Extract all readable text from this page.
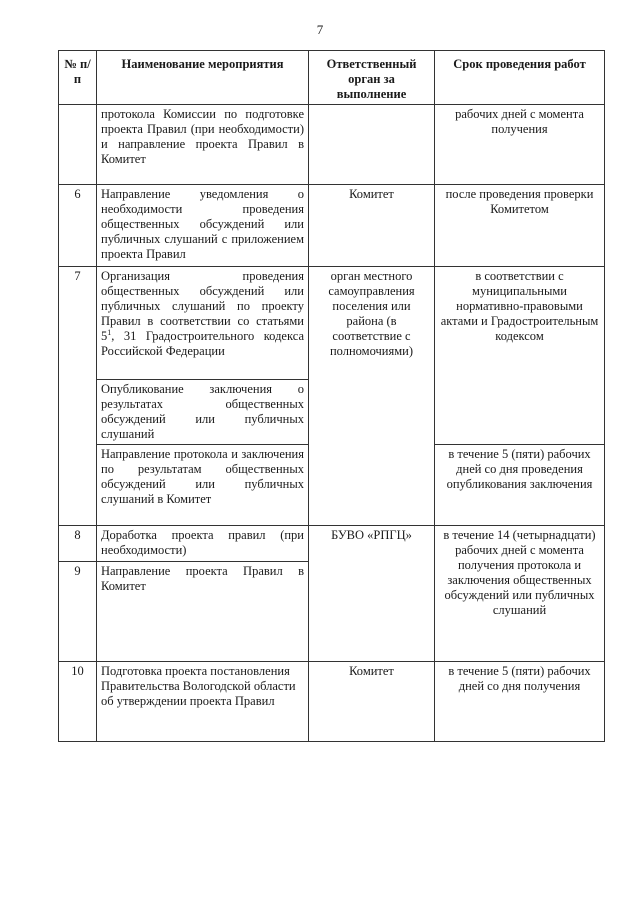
7
№ п/п	Наименование мероприятия	Ответственный орган за выполнение	Срок проведения работ
	протокола Комиссии по подготовке проекта Правил (при необходимости) и направление проекта Правил в Комитет		рабочих дней с момента получения
6	Направление уведомления о необходимости проведения общественных обсуждений или публичных слушаний с приложением проекта Правил	Комитет	после проведения проверки Комитетом
7	Организация проведения общественных обсуждений или публичных слушаний по проекту Правил в соответствии со статьями $5^1$, 31 Градостроительного кодекса Российской Федерации	орган местного самоуправления поселения или района (в соответствие с полномочиями)	в соответствии с муниципальными нормативно-правовыми актами и Градостроительным кодексом
	Опубликование заключения о результатах общественных обсуждений или публичных слушаний		
	Направление протокола и заключения по результатам общественных обсуждений или публичных слушаний в Комитет		в течение 5 (пяти) рабочих дней со дня проведения опубликования заключения
8	Доработка проекта правил (при необходимости)	БУВО «РПГЦ»	в течение 14 (четырнадцати) рабочих дней с момента получения протокола и заключения общественных обсуждений или публичных слушаний
9	Направление проекта Правил в Комитет		
10	Подготовка проекта постановления Правительства Вологодской области об утверждении проекта Правил	Комитет	в течение 5 (пяти) рабочих дней со дня получения
